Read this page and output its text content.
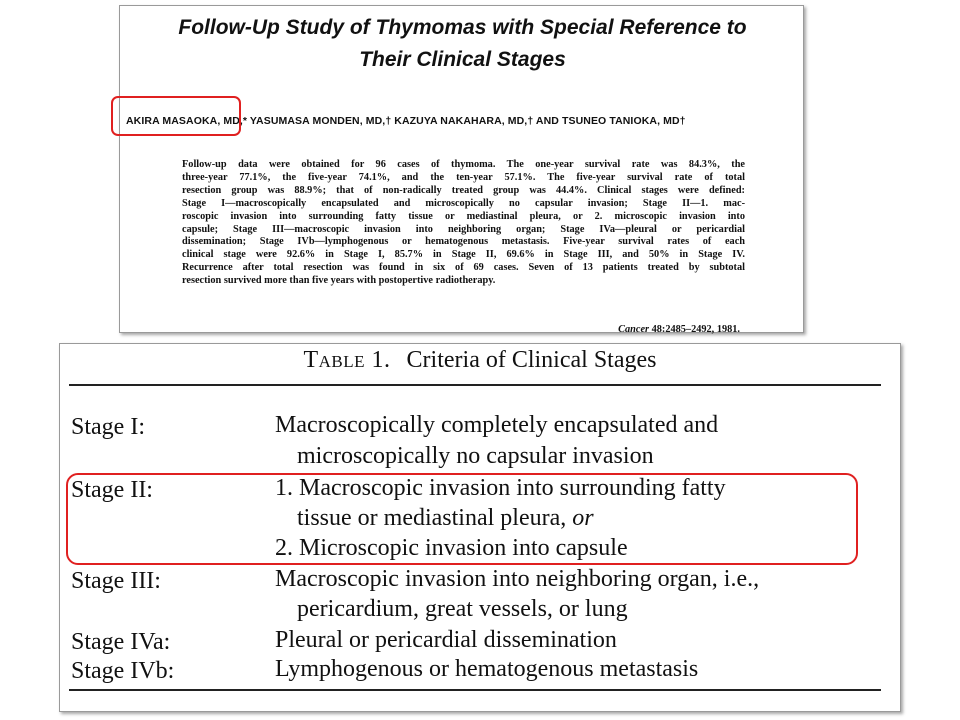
Follow-Up Study of Thymomas with Special Reference to
Their Clinical Stages
AKIRA MASAOKA, MD,* YASUMASA MONDEN, MD,† KAZUYA NAKAHARA, MD,† AND TSUNEO TANIOKA, MD†
Follow-up data were obtained for 96 cases of thymoma. The one-year survival rate was 84.3%, the
three-year 77.1%, the five-year 74.1%, and the ten-year 57.1%. The five-year survival rate of total
resection group was 88.9%; that of non-radically treated group was 44.4%. Clinical stages were defined:
Stage I—macroscopically encapsulated and microscopically no capsular invasion; Stage II—1. mac-
roscopic invasion into surrounding fatty tissue or mediastinal pleura, or 2. microscopic invasion into
capsule; Stage III—macroscopic invasion into neighboring organ; Stage IVa—pleural or pericardial
dissemination; Stage IVb—lymphogenous or hematogenous metastasis. Five-year survival rates of each
clinical stage were 92.6% in Stage I, 85.7% in Stage II, 69.6% in Stage III, and 50% in Stage IV.
Recurrence after total resection was found in six of 69 cases. Seven of 13 patients treated by subtotal
resection survived more than five years with postopertive radiotherapy.
Cancer 48:2485–2492, 1981.
Table 1. Criteria of Clinical Stages
Stage I:	Macroscopically completely encapsulated and
microscopically no capsular invasion
Stage II:	1. Macroscopic invasion into surrounding fatty
tissue or mediastinal pleura, or
2. Microscopic invasion into capsule
Stage III:	Macroscopic invasion into neighboring organ, i.e.,
pericardium, great vessels, or lung
Stage IVa:	Pleural or pericardial dissemination
Stage IVb:	Lymphogenous or hematogenous metastasis
